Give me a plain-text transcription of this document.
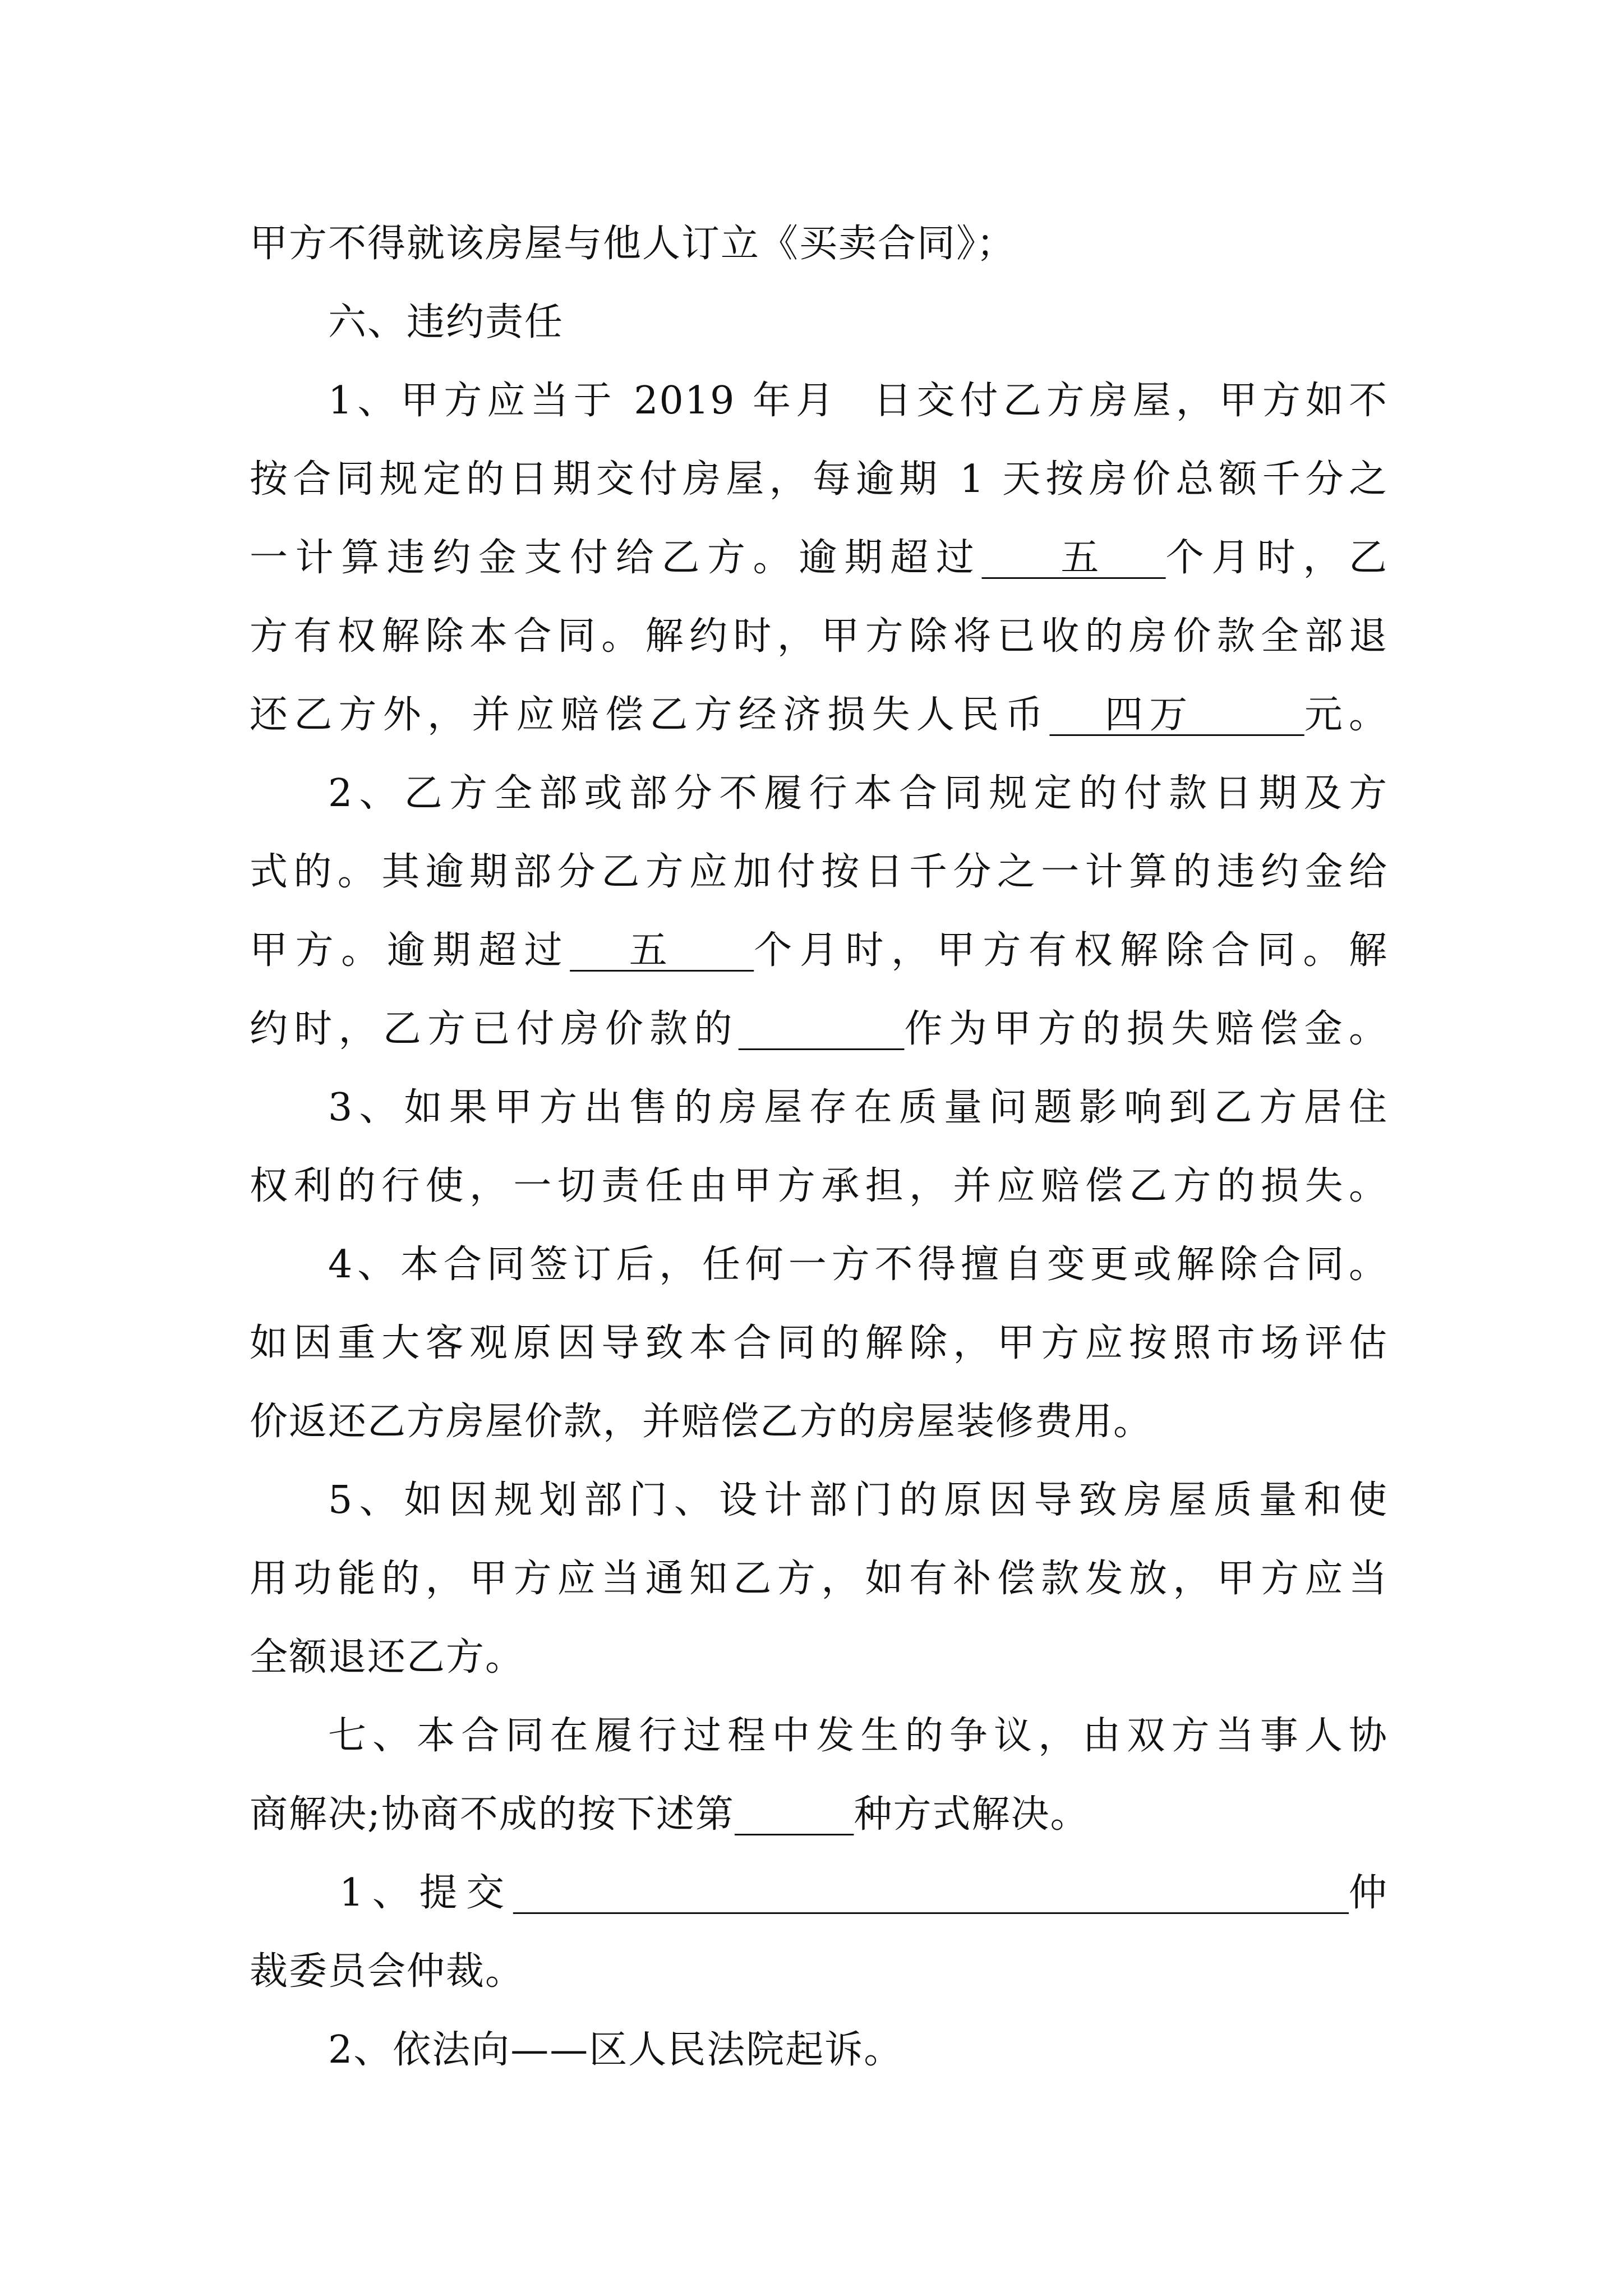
甲方不得就该房屋与他人订立《买卖合同》；
六、违约责任
1、甲方应当于 2019 年月  日交付乙方房屋，甲方如不
按合同规定的日期交付房屋，每逾期 1 天按房价总额千分之
一计算违约金支付给乙方。逾期超过    五   个月时，乙
方有权解除本合同。解约时，甲方除将已收的房价款全部退
还乙方外，并应赔偿乙方经济损失人民币   四万      元。
2、乙方全部或部分不履行本合同规定的付款日期及方
式的。其逾期部分乙方应加付按日千分之一计算的违约金给
甲方。逾期超过   五    个月时，甲方有权解除合同。解
约时，乙方已付房价款的	作为甲方的损失赔偿金。
3、如果甲方出售的房屋存在质量问题影响到乙方居住
权利的行使，一切责任由甲方承担，并应赔偿乙方的损失。
4、本合同签订后，任何一方不得擅自变更或解除合同。
如因重大客观原因导致本合同的解除，甲方应按照市场评估
价返还乙方房屋价款，并赔偿乙方的房屋装修费用。
5、如因规划部门、设计部门的原因导致房屋质量和使
用功能的，甲方应当通知乙方，如有补偿款发放，甲方应当
全额退还乙方。
七、本合同在履行过程中发生的争议，由双方当事人协
商解决;协商不成的按下述第	种方式解决。
1、提交	仲
裁委员会仲裁。
2、依法向——区人民法院起诉。
